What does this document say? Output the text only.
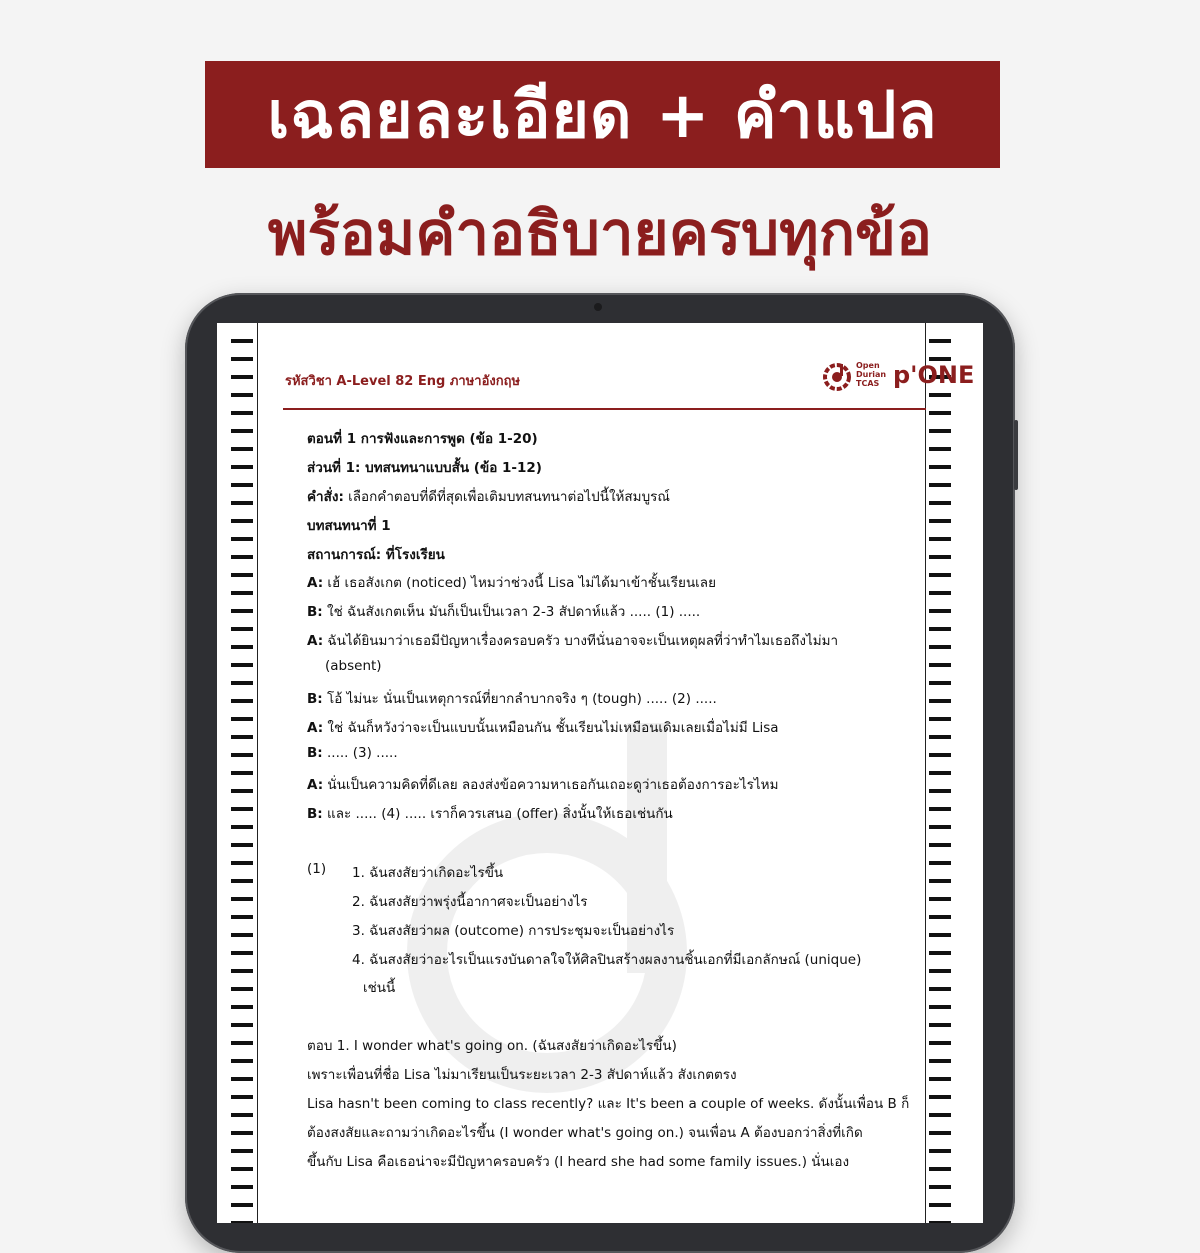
เฉลยละเอียด + คำแปล
พร้อมคำอธิบายครบทุกข้อ
รหัสวิชา A-Level 82 Eng ภาษาอังกฤษ
Open
Durian
TCAS p'ONE
ตอนที่ 1 การฟังและการพูด (ข้อ 1-20)
ส่วนที่ 1: บทสนทนาแบบสั้น (ข้อ 1-12)
คำสั่ง: เลือกคำตอบที่ดีที่สุดเพื่อเติมบทสนทนาต่อไปนี้ให้สมบูรณ์
บทสนทนาที่ 1
สถานการณ์: ที่โรงเรียน
A: เฮ้ เธอสังเกต (noticed) ไหมว่าช่วงนี้ Lisa ไม่ได้มาเข้าชั้นเรียนเลย
B: ใช่ ฉันสังเกตเห็น มันก็เป็นเป็นเวลา 2-3 สัปดาห์แล้ว ..... (1) .....
A: ฉันได้ยินมาว่าเธอมีปัญหาเรื่องครอบครัว บางทีนั่นอาจจะเป็นเหตุผลที่ว่าทำไมเธอถึงไม่มา
(absent)
B: โอ้ ไม่นะ นั่นเป็นเหตุการณ์ที่ยากลำบากจริง ๆ (tough) ..... (2) .....
A: ใช่ ฉันก็หวังว่าจะเป็นแบบนั้นเหมือนกัน ชั้นเรียนไม่เหมือนเดิมเลยเมื่อไม่มี Lisa
B: ..... (3) .....
A: นั่นเป็นความคิดที่ดีเลย ลองส่งข้อความหาเธอกันเถอะดูว่าเธอต้องการอะไรไหม
B: และ ..... (4) ..... เราก็ควรเสนอ (offer) สิ่งนั้นให้เธอเช่นกัน
(1) 1. ฉันสงสัยว่าเกิดอะไรขึ้น
2. ฉันสงสัยว่าพรุ่งนี้อากาศจะเป็นอย่างไร
3. ฉันสงสัยว่าผล (outcome) การประชุมจะเป็นอย่างไร
4. ฉันสงสัยว่าอะไรเป็นแรงบันดาลใจให้ศิลปินสร้างผลงานชิ้นเอกที่มีเอกลักษณ์ (unique)
เช่นนี้
ตอบ 1. I wonder what's going on. (ฉันสงสัยว่าเกิดอะไรขึ้น)
เพราะเพื่อนที่ชื่อ Lisa ไม่มาเรียนเป็นระยะเวลา 2-3 สัปดาห์แล้ว สังเกตตรง
Lisa hasn't been coming to class recently? และ It's been a couple of weeks. ดังนั้นเพื่อน B ก็
ต้องสงสัยและถามว่าเกิดอะไรขึ้น (I wonder what's going on.) จนเพื่อน A ต้องบอกว่าสิ่งที่เกิด
ขึ้นกับ Lisa คือเธอน่าจะมีปัญหาครอบครัว (I heard she had some family issues.) นั่นเอง
